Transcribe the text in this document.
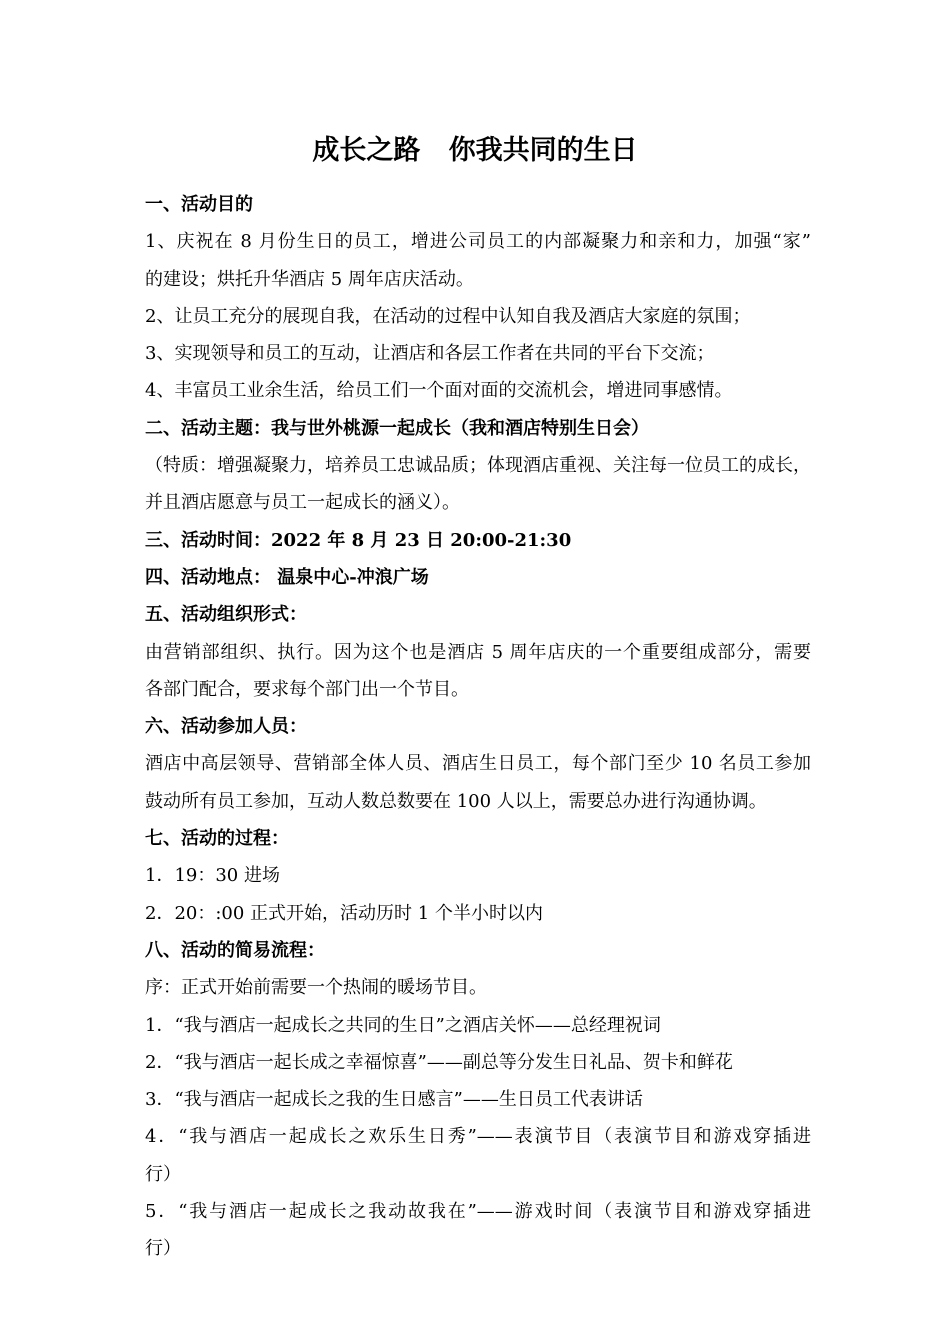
成长之路   你我共同的生日
一、活动目的
1、庆祝在 8 月份生日的员工，增进公司员工的内部凝聚力和亲和力，加强“家”
的建设；烘托升华酒店 5 周年店庆活动。
2、让员工充分的展现自我，在活动的过程中认知自我及酒店大家庭的氛围；
3、实现领导和员工的互动，让酒店和各层工作者在共同的平台下交流；
4、丰富员工业余生活，给员工们一个面对面的交流机会，增进同事感情。
二、活动主题：我与世外桃源一起成长（我和酒店特别生日会）
（特质：增强凝聚力，培养员工忠诚品质；体现酒店重视、关注每一位员工的成长，
并且酒店愿意与员工一起成长的涵义）。
三、活动时间：2022 年 8 月 23 日 20:00-21:30
四、活动地点： 温泉中心-冲浪广场
五、活动组织形式：
由营销部组织、执行。因为这个也是酒店 5 周年店庆的一个重要组成部分，需要
各部门配合，要求每个部门出一个节目。
六、活动参加人员：
酒店中高层领导、营销部全体人员、酒店生日员工，每个部门至少 10 名员工参加
鼓动所有员工参加，互动人数总数要在 100 人以上，需要总办进行沟通协调。
七、活动的过程：
1．19：30 进场
2．20：:00 正式开始，活动历时 1 个半小时以内
八、活动的简易流程：
序：正式开始前需要一个热闹的暖场节目。
1．“我与酒店一起成长之共同的生日”之酒店关怀——总经理祝词
2．“我与酒店一起长成之幸福惊喜”——副总等分发生日礼品、贺卡和鲜花
3．“我与酒店一起成长之我的生日感言”——生日员工代表讲话
4．“我与酒店一起成长之欢乐生日秀”——表演节目（表演节目和游戏穿插进
行）
5．“我与酒店一起成长之我动故我在”——游戏时间（表演节目和游戏穿插进
行）
